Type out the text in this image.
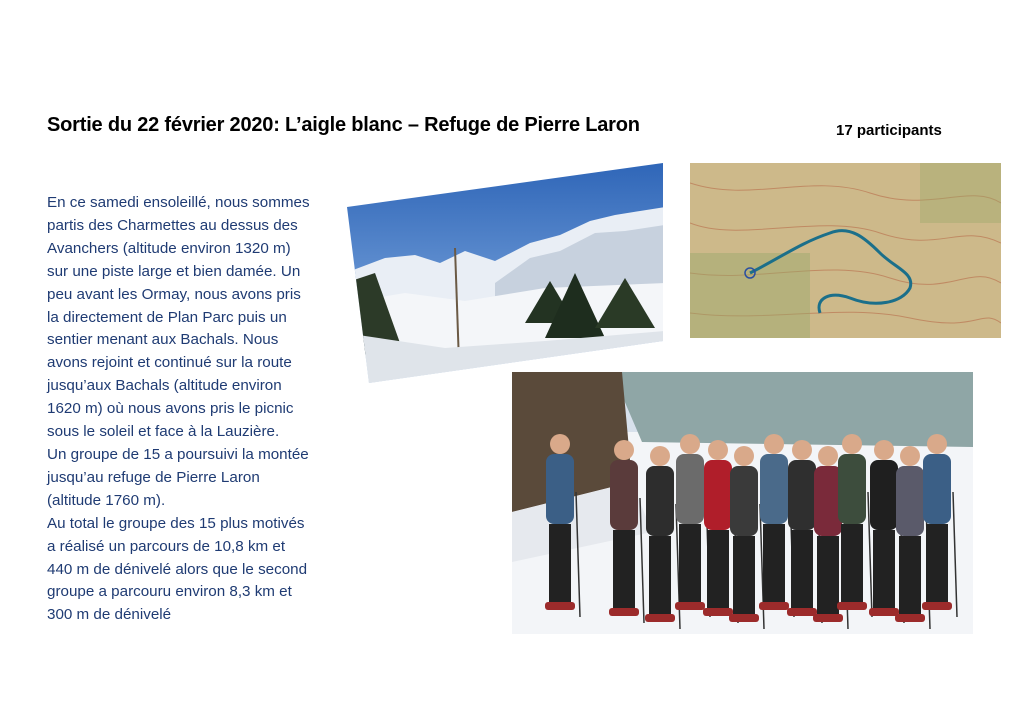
Sortie du 22 février 2020: L’aigle blanc – Refuge de Pierre Laron	17 participants
En ce samedi ensoleillé, nous sommes
partis des Charmettes au dessus des
Avanchers (altitude environ 1320 m)
sur une piste large et bien damée. Un
peu avant les Ormay, nous avons pris
la directement de Plan Parc puis un
sentier menant aux Bachals. Nous
avons rejoint et continué sur la route
jusqu’aux Bachals (altitude environ
1620 m) où nous avons pris le picnic
sous le soleil et face à la Lauzière.
Un groupe de 15 a poursuivi la montée
jusqu’au refuge de Pierre Laron
(altitude 1760 m).
Au total le groupe des 15 plus motivés
a réalisé un parcours de 10,8 km et
440 m de dénivelé alors que le second
groupe a parcouru environ 8,3 km et
300 m de dénivelé
